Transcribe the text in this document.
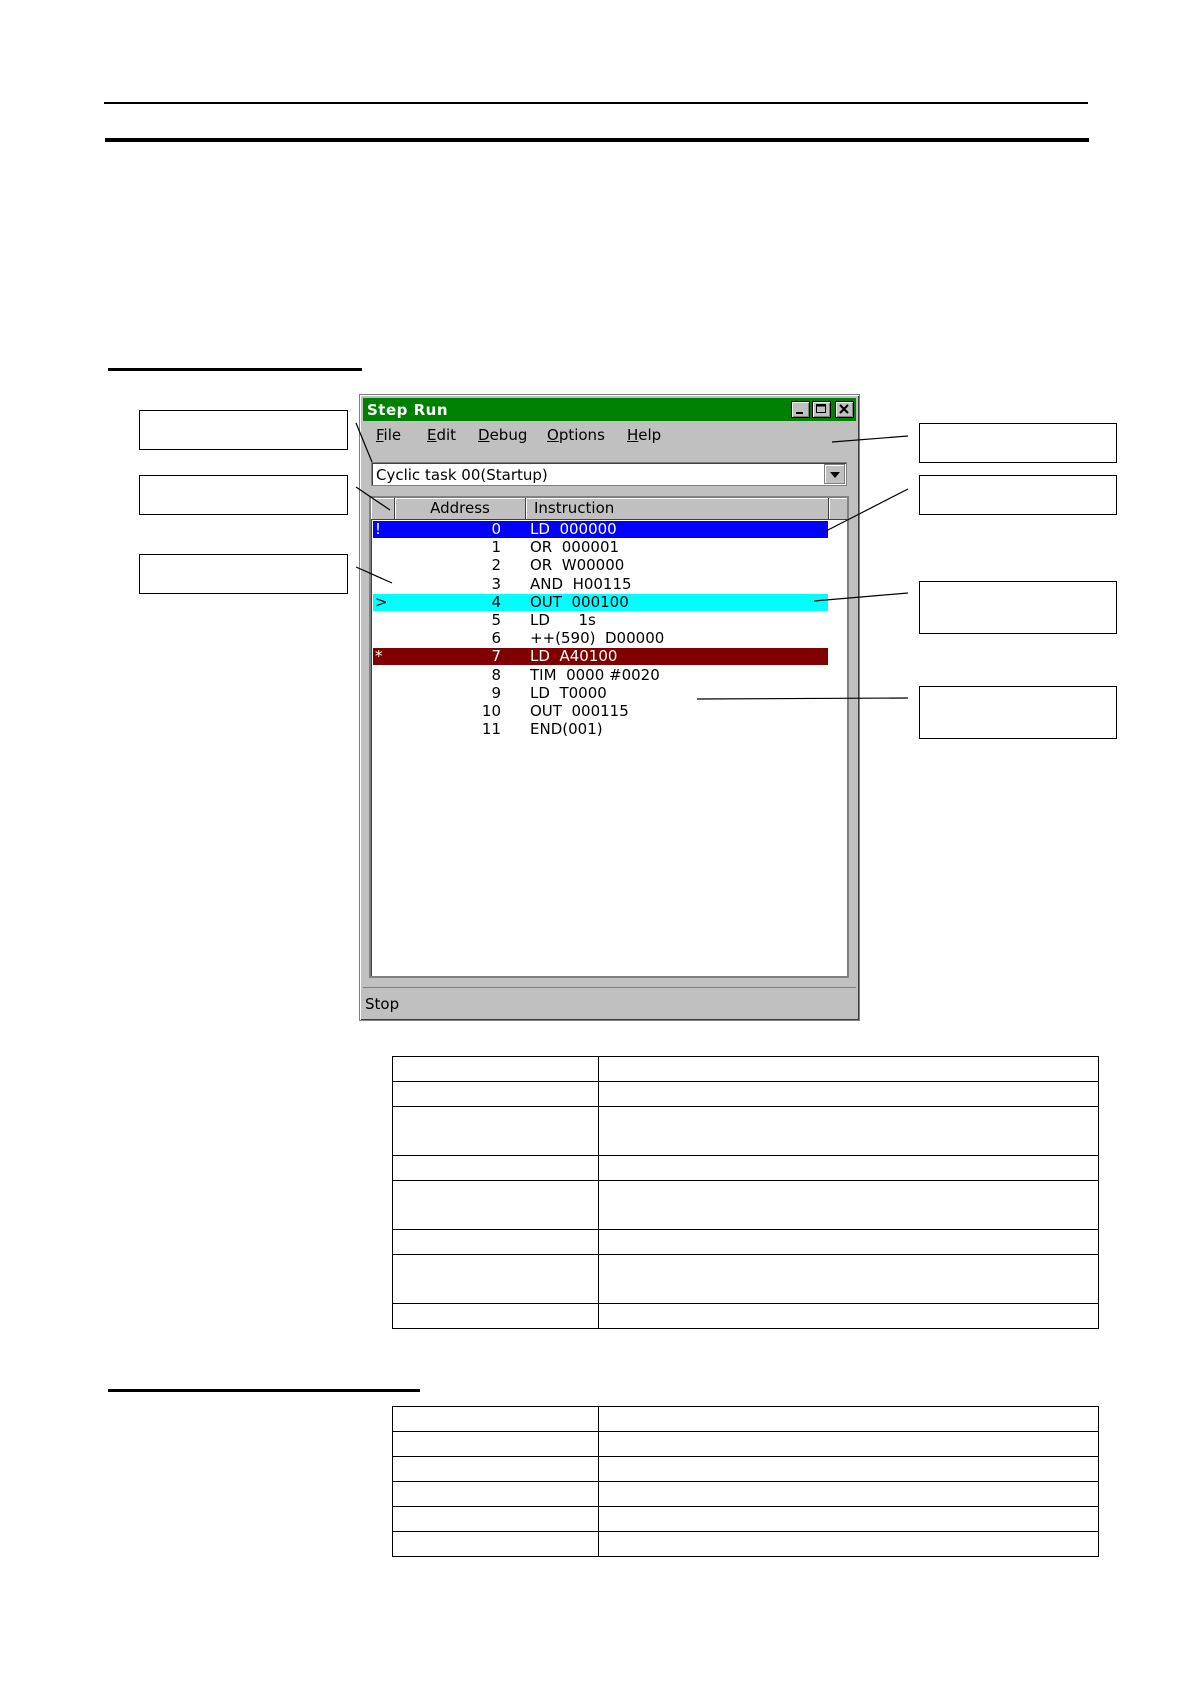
Step Run
File Edit Debug Options Help
Cyclic task 00(Startup)
Address	Instruction
!	0 LD  000000
1 OR  000001
2 OR  W00000
3 AND  H00115
>	4 OUT  000100
5 LD      1s
6 ++(590)  D00000
*	7 LD  A40100
8 TIM  0000 #0020
9 LD  T0000
10 OUT  000115
11 END(001)
Stop
